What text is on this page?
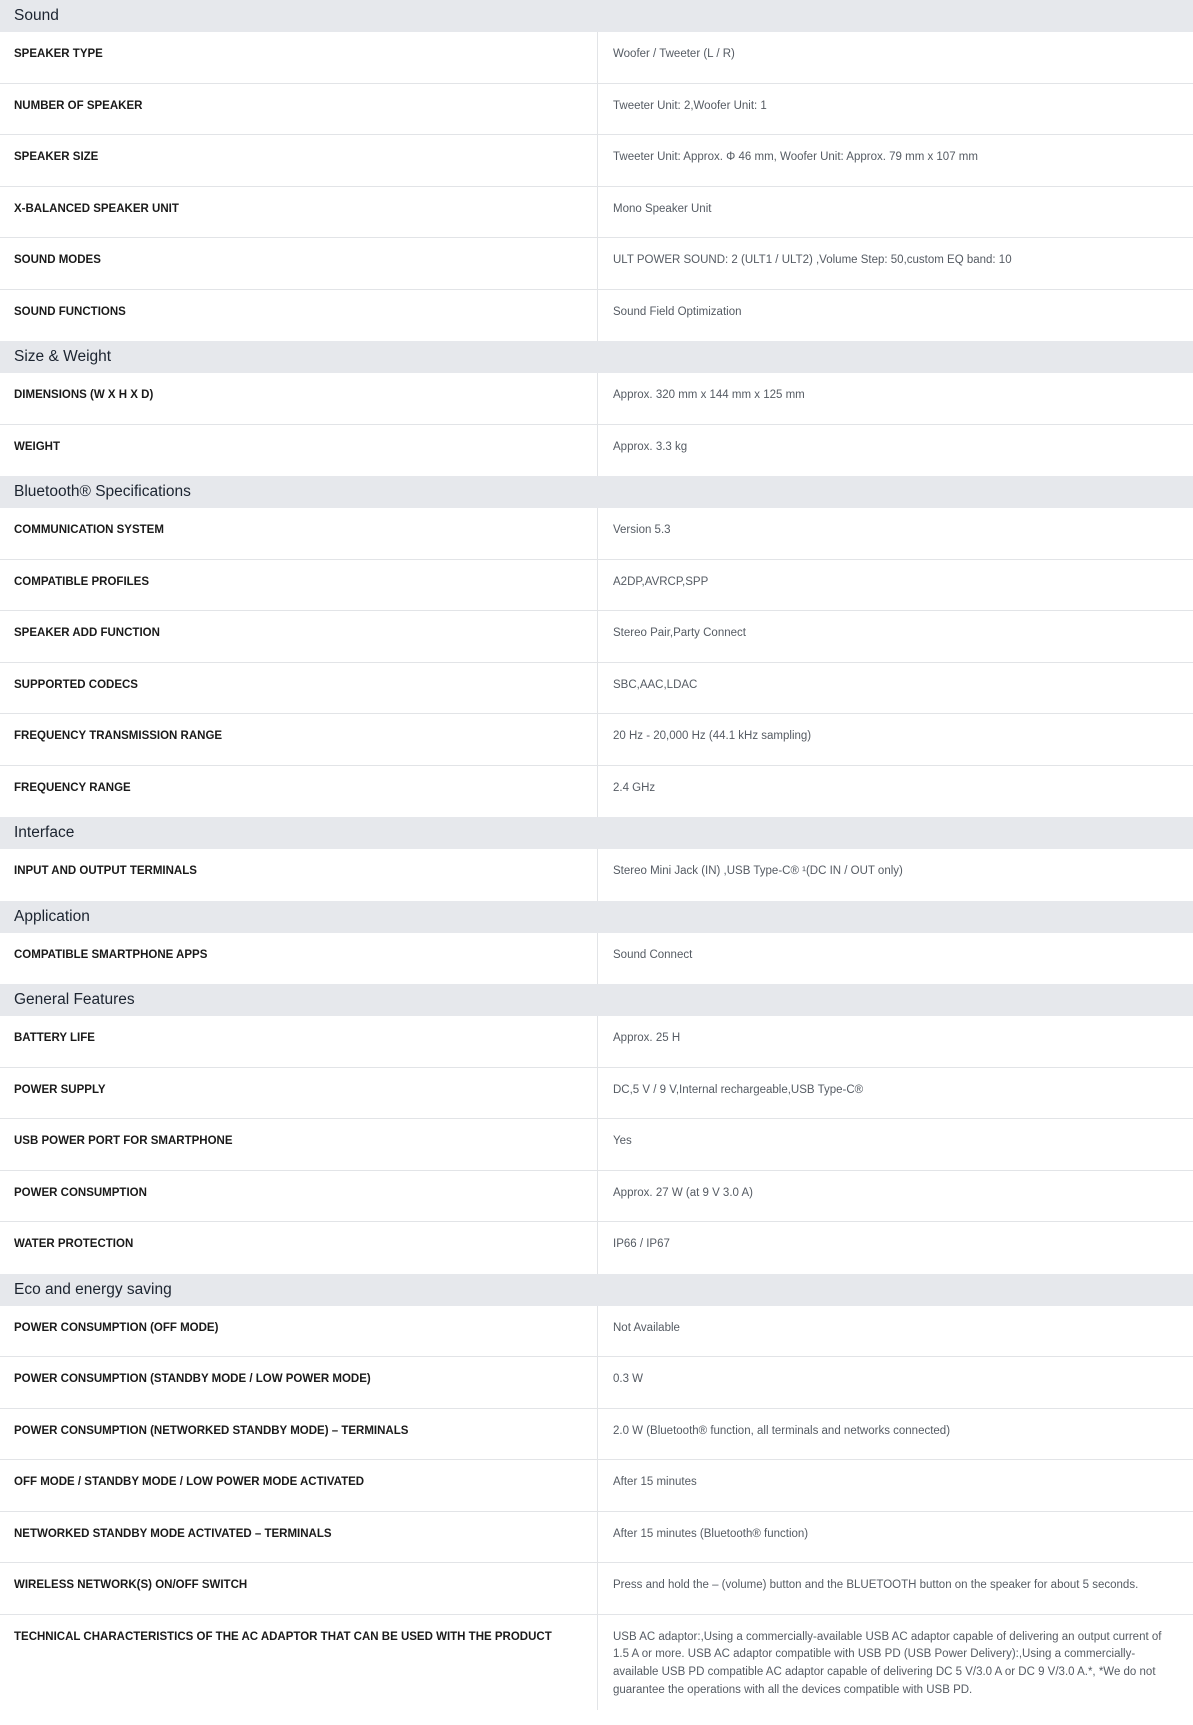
Sound
SPEAKER TYPE	Woofer / Tweeter (L / R)
NUMBER OF SPEAKER	Tweeter Unit: 2,Woofer Unit: 1
SPEAKER SIZE	Tweeter Unit: Approx. Φ 46 mm, Woofer Unit: Approx. 79 mm x 107 mm
X-BALANCED SPEAKER UNIT	Mono Speaker Unit
SOUND MODES	ULT POWER SOUND: 2 (ULT1 / ULT2) ,Volume Step: 50,custom EQ band: 10
SOUND FUNCTIONS	Sound Field Optimization
Size & Weight
DIMENSIONS (W X H X D)	Approx. 320 mm x 144 mm x 125 mm
WEIGHT	Approx. 3.3 kg
Bluetooth® Specifications
COMMUNICATION SYSTEM	Version 5.3
COMPATIBLE PROFILES	A2DP,AVRCP,SPP
SPEAKER ADD FUNCTION	Stereo Pair,Party Connect
SUPPORTED CODECS	SBC,AAC,LDAC
FREQUENCY TRANSMISSION RANGE	20 Hz - 20,000 Hz (44.1 kHz sampling)
FREQUENCY RANGE	2.4 GHz
Interface
INPUT AND OUTPUT TERMINALS	Stereo Mini Jack (IN) ,USB Type-C® ¹(DC IN / OUT only)
Application
COMPATIBLE SMARTPHONE APPS	Sound Connect
General Features
BATTERY LIFE	Approx. 25 H
POWER SUPPLY	DC,5 V / 9 V,Internal rechargeable,USB Type-C®
USB POWER PORT FOR SMARTPHONE	Yes
POWER CONSUMPTION	Approx. 27 W (at 9 V 3.0 A)
WATER PROTECTION	IP66 / IP67
Eco and energy saving
POWER CONSUMPTION (OFF MODE)	Not Available
POWER CONSUMPTION (STANDBY MODE / LOW POWER MODE)	0.3 W
POWER CONSUMPTION (NETWORKED STANDBY MODE) – TERMINALS	2.0 W (Bluetooth® function, all terminals and networks connected)
OFF MODE / STANDBY MODE / LOW POWER MODE ACTIVATED	After 15 minutes
NETWORKED STANDBY MODE ACTIVATED – TERMINALS	After 15 minutes (Bluetooth® function)
WIRELESS NETWORK(S) ON/OFF SWITCH	Press and hold the – (volume) button and the BLUETOOTH button on the speaker for about 5 seconds.
TECHNICAL CHARACTERISTICS OF THE AC ADAPTOR THAT CAN BE USED WITH THE PRODUCT	USB AC adaptor:,Using a commercially-available USB AC adaptor capable of delivering an output current of 1.5 A or more. USB AC adaptor compatible with USB PD (USB Power Delivery):,Using a commercially-available USB PD compatible AC adaptor capable of delivering DC 5 V/3.0 A or DC 9 V/3.0 A.*, *We do not guarantee the operations with all the devices compatible with USB PD.
